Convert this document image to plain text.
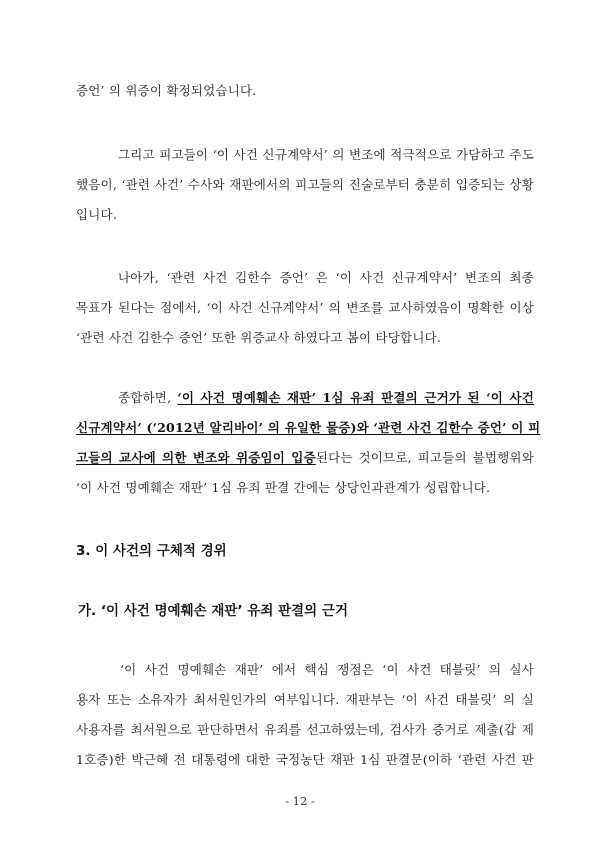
증언’ 의 위증이 확정되었습니다.
그리고 피고들이 ‘이 사건 신규계약서’ 의 변조에 적극적으로 가담하고 주도
했음이, ‘관련 사건’ 수사와 재판에서의 피고들의 진술로부터 충분히 입증되는 상황
입니다.
나아가, ‘관련 사건 김한수 증언’ 은 ‘이 사건 신규계약서’ 변조의 최종
목표가 된다는 점에서, ‘이 사건 신규계약서’ 의 변조를 교사하였음이 명확한 이상
‘관련 사건 김한수 증언’ 또한 위증교사 하였다고 봄이 타당합니다.
종합하면, ‘이 사건 명예훼손 재판’ 1심 유죄 판결의 근거가 된 ‘이 사건
신규계약서’ (‘2012년 알리바이’ 의 유일한 물증)와 ‘관련 사건 김한수 증언’ 이 피
고들의 교사에 의한 변조와 위증임이 입증된다는 것이므로, 피고들의 불법행위와
‘이 사건 명예훼손 재판’ 1심 유죄 판결 간에는 상당인과관계가 성립합니다.
3. 이 사건의 구체적 경위
가. ‘이 사건 명예훼손 재판’ 유죄 판결의 근거
‘이 사건 명예훼손 재판’ 에서 핵심 쟁점은 ‘이 사건 태블릿’ 의 실사
용자 또는 소유자가 최서원인가의 여부입니다. 재판부는 ‘이 사건 태블릿’ 의 실
사용자를 최서원으로 판단하면서 유죄를 선고하였는데, 검사가 증거로 제출(갑 제
1호증)한 박근혜 전 대통령에 대한 국정농단 재판 1심 판결문(이하 ‘관련 사건 판
- 12 -
